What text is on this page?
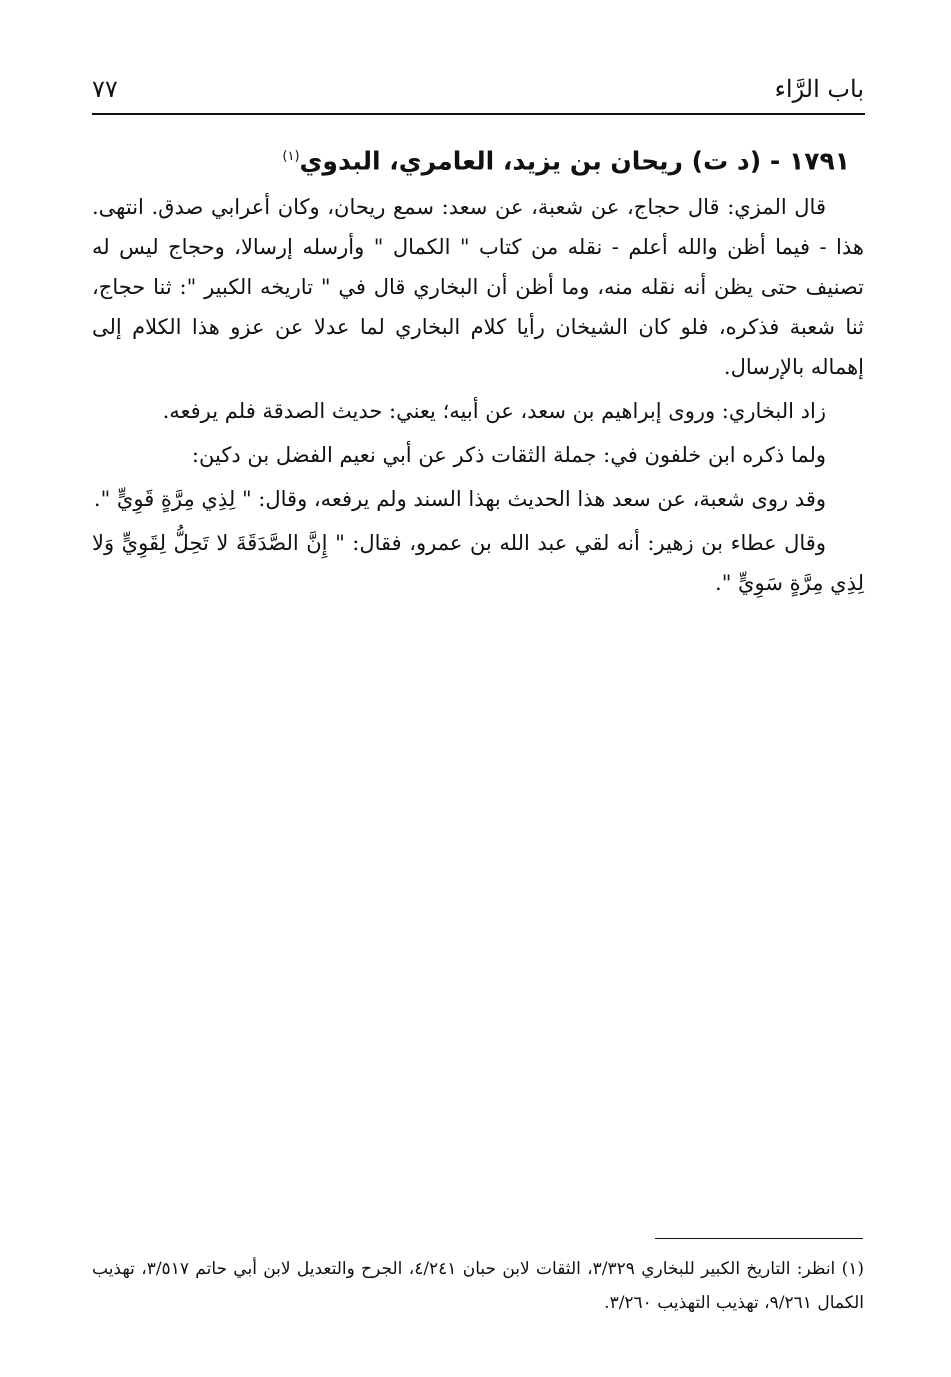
باب الرَّاء
٧٧
١٧٩١ - (د ت) ريحان بن يزيد، العامري، البدوي$^{(١)}$

قال المزي: قال حجاج، عن شعبة، عن سعد: سمع ريحان، وكان أعرابي صدق. انتهى. هذا - فيما أظن والله أعلم - نقله من كتاب " الكمال " وأرسله إرسالا، وحجاج ليس له تصنيف حتى يظن أنه نقله منه، وما أظن أن البخاري قال في " تاريخه الكبير ": ثنا حجاج، ثنا شعبة فذكره، فلو كان الشيخان رأيا كلام البخاري لما عدلا عن عزو هذا الكلام إلى إهماله بالإرسال.

زاد البخاري: وروى إبراهيم بن سعد، عن أبيه؛ يعني: حديث الصدقة فلم يرفعه.

ولما ذكره ابن خلفون في: جملة الثقات ذكر عن أبي نعيم الفضل بن دكين:

وقد روى شعبة، عن سعد هذا الحديث بهذا السند ولم يرفعه، وقال: " لِذِي مِرَّةٍ قَوِيٍّ ".

وقال عطاء بن زهير: أنه لقي عبد الله بن عمرو، فقال: " إِنَّ الصَّدَقَةَ لا تَحِلُّ لِقَوِيٍّ وَلا لِذِي مِرَّةٍ سَوِيٍّ ".

(١) انظر: التاريخ الكبير للبخاري ٣/٣٢٩، الثقات لابن حبان ٤/٢٤١، الجرح والتعديل لابن أبي حاتم ٣/٥١٧، تهذيب الكمال ٩/٢٦١، تهذيب التهذيب ٣/٢٦٠.
